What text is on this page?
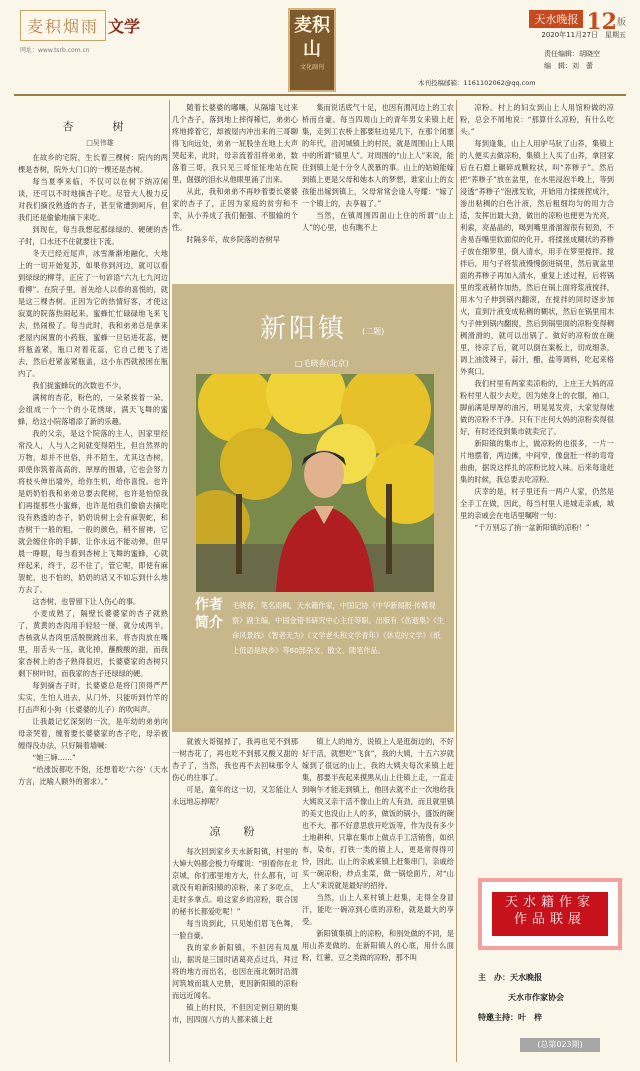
麦积烟雨 文学
网址：www.tsrb.com.cn
麦积山
文化副刊
天水晚报 12版
2020年11月27日　星期五
责任编辑：胡晓空
编　辑：刘　蕾
本刊投稿邮箱：1161102062@qq.com
杏　树
□吴伟雄

在故乡的宅院，生长着三棵树：院内的两棵是杏树，院外大门口的一棵还是杏树。

每当夏季来临，不仅可以在树下纳凉闲谈，还可以不时地摘杏子吃。尽管大人极力反对我们摘没熟透的杏子，甚至常遭到呵斥，但我们还是偷偷地摘下来吃。

到现在，每当我想起那绿绿的、硬硬的杏子时，口水还不住就要往下流。

冬天已经近尾声，冰雪渐渐地融化，大地上的一切开始复苏，如果你到河边，就可以看到绿绿的柳芽，正应了一句谚语“六九七九河边看柳”。在院子里，首先给人以春的喜悦的，就是这三棵杏树。正因为它的热情好客，才使这寂寞的院落热闹起来。蜜蜂忙忙碌碌地飞来飞去，热闹极了。每当此时，我和弟弟总是拿来老屋内闲置的小药瓶，蜜蜂一旦钻进花蕊，便将瓶盖紧，瓶口对着花蕊，它自己便飞了进去，然后赶紧盖紧瓶盖，这小东西就被困在瓶内了。

我们捉蜜蜂玩的次数也不少。

满树的杏花，粉色的，一朵紧挨着一朵，会组成一个一个的小花绣球，满天飞舞的蜜蜂，给这小院落增添了新的乐趣。

我的父亲，是这个院落的主人，因家里经常没人，人与人之间就变得陌生，但自然界的万物，却并不世俗，并不陌生，尤其这杏树，即使你筑着高高的、厚厚的围墙，它也会努力将枝头伸出墙外，给你生机，给你喜悦。也许是奶奶怕我和弟弟总要去爬树，也许是怕惊我们再提那些小蜜蜂，也许是怕我们偷偷去摘吃没有熟透的杏子，奶奶说树上会有麻袈蛇，和杏树干一般的粗，一般的颜色，稍不留神，它就会缠住你的手脚，让你永远不能动弹，但早晨一睁眼，每当看到杏树上飞舞的蜜蜂，心就痒起来，终于，忍不住了，管它呢，即使有麻袈蛇，也不怕的，奶奶的话又不如忘到什么地方去了。

这杏树，也曾留下让人伤心的事。

小麦成熟了，隔壁长婆婆家的杏子就熟了，黄黄的杏肉用手轻轻一掰，就分成两半，杏核就从杏肉里活脱脱跳出来，将杏肉放在嘴里，用舌头一压，就化掉，蘸酸酸的甜，而我家杏树上的杏子熟得很迟，长婆婆家的杏树只剩下树叶时，而我家的杏子还绿绿的硬。

每到摘杏子时，长婆婆总是将门顶得严严实实，生怕人进去，从门外，只能听到竹竿的打击声和小狗（长婆婆的儿子）的吹叫声。

让我最记忆深刻的一次，是年幼的弟弟向母亲哭着，缠着要长婆婆家的杏子吃，母亲被缠得没办法，只好隔着墙喊：

“她三婶……”

“给涨饭都吃不饱，还想着吃‘六谷’（天水方言，比喻人额外的奢求）。”

随着长婆婆的嘟嚷，从隔墙飞过来几个杏子，落到地上摔得稀烂，弟弟心疼地捧着它，却被屋内冲出来的三哥聊得飞向远处，弟弟一屁股坐在地上大声哭起来，此时，母亲流着泪将弟弟，数落着三哥，我只见三哥怔怔地站在院里，倔强的泪水从他眼里涌了出来。

从此，我和弟弟不再吵着要长婆婆家的杏子了，正因为家庭的贫穷和不幸，从小养成了我们倔强、不服输的个性。

时隔多年，故乡院落的杏树早

集而说话底气十足，也因有渭河边上的工农桥而自豪。每当四周山上的青年男女来镇上赶集，走到工农桥上都要驻边晃几下，在那个闭塞的年代，沿河城镇上的村民，就是周围山上人眼中的所谓“镇里人”。对周围的“山上人”来说，能住到镇上是十分令人羡慕的事。山上的姑娘能嫁到镇上更是父母和她本人的梦想，谁家山上的女孩能出嫁到镇上，父母常常会逢人夸耀：“嫁了一个镇上的，去享福了。”

当然，在镇周围四面山上住的所谓“山上人”的心里，也有瞧不上

新阳镇 (二题)
□毛晓春(北京)
作者简介
毛晓春，笔名雨枫，天水籍作家，中国记协《中华新闻报·传媒观察》副主编，中国金错书研究中心主任等职。出版有《伤逝集》《生命风景线》《智者无为》《文学老头和文学青年》《休克的文学》《纸上低语是故乡》等60部杂文、散文、随笔作品。

就被大哥锯掉了，我再也见不到那一树杏花了，再也吃不到那又酸又甜的杏子了，当然，我也再不去回味那令人伤心的往事了。

可是，童年的这一切，又怎能让人永远地忘掉呢？

凉　粉

每次回到家乡天水新阳镇，村里的大婶大妈都会极力夸耀说：“别看你在北京城，你们那里地方大，什么都有，可就没有咱新阳镇的凉粉，来了多吃点，走时多拿点。咱这家乡的凉粉，联合国的秘书长都爱吃呢！”

每当说到此，只见她们眉飞色舞，一脸自豪。

我的家乡新阳镇，不但因有凤凰山，据说是三国时诸葛亮点过兵，拜过将的地方而出名，也因在南北朝时沿渭河筑城而载入史册，更因新阳镇的凉粉而远近闻名。

镇上的村民，不但因定例日期的集市，因四面八方的人都来镇上赶

镇上人的地方，说镇上人是逛街边的，不好好干活，就想吃“飞食”，我的大姨，十五六岁就嫁到了很远的山上，我的大姨夫每次来镇上赶集，都要半夜起来摸黑从山上往镇上走，一直走到晌午才能走到镇上，他回去就不止一次地给我大姨说又亲干活不像山上的人有劲，而且就里镇的美丈也没山上人的多，做饭的锅小，盛饭的碗也不大，都不好意思放开吃饭等，作为没有多少土地耕种，只靠在集市上做点手工活销售，如织布，染布，打铁一类的镇上人，更是常得得可怜，因此，山上的亲戚来镇上赶集串门，亲戚给买一碗凉粉，炒点韭菜，做一锅烩面片，对“山上人”来说就是最好的招待。

当然，山上人来村镇上赶集，走得全身冒汗，能吃一碗凉到心底的凉粉，就是最大的享受。

新阳镇集镇上的凉粉，和别处做的不同，是用山荞麦做的。在新阳镇人的心底，用什么面粉，红薯，豆之类做的凉粉，那不叫

凉粉。村上的妇女到山上人用馆粉做的凉粉，总会不屑地说：“那算什么凉粉，有什么吃头。”

每到逢集，山上人用驴马驮了山荞，集镇上的人便买去做凉粉，集镇上人买了山荞，拿回家后在石磨上碾碎成颗粒状，叫“荞糁子”。然后把“荞糁子”放在盆里，在水里浸泡半晚上，等到浸透“荞糁子”泡涨发软，开始用力揉搓捏成汁，渗出粘稠的白色汁液，然后粗细均匀的用力合适，发挥出最大劲，做出的凉粉也便更为光亮，利索，亮晶晶的，喝到嘴里滑溜溜很有韧劲，不舍易吞嘴里软面似的化开。将揉搓成糊状的荞糁子放在细箩里，倒入清水，用手在箩里搅拌。搅拌后，用勺子将浆液慢慢倒进锅里，然后就盆里面的荞糁子再加入清水，重复上述过程，后将锅里的浆液稍作加热，然后在锅上面将浆液搅拌，用木勺子伸到锅内翻滚，在搅拌的同时逐步加火，直到汁液变成粘稠的糊状，然后在锅里用木勺子伸到锅内翻搅，然后到锅里面的凉粉变得稠稠滑滑的，就可以出锅了。做好的凉粉放在碗里，待凉了后，就可以倒在案板上，切成细条，调上油泼辣子，蒜汁，醋，盐等调料，吃起来格外爽口。

我们村里有两家卖凉粉的，上庄王大妈的凉粉村里人很少去吃，因为她身上的衣服，袖口，脚前满是厚厚的油污，明晃晃发亮，大家觉得她做的凉粉不干净。只有下庄何大妈的凉粉卖得很好，有时还没到集市就卖完了。

新阳镇的集市上，做凉粉的也很多，一片一片地摆着，两边摊，中间窄，像盘肚一样的弯弯曲曲，据说这样扎的凉粉比较入味。后来每逢赶集的时候，我总要去吃凉粉。

庆幸的是，村子里还有一两户人家，仍然是全手工在做，因此，每当村里人进城走亲戚，城里的亲戚会在电话里嘱咐一句：

“千万别忘了捎一盆新阳镇的凉粉！”

天水籍作家
作品联展
主　办：天水晚报
天水市作家协会
特邀主持：叶　梓
(总第023期)
